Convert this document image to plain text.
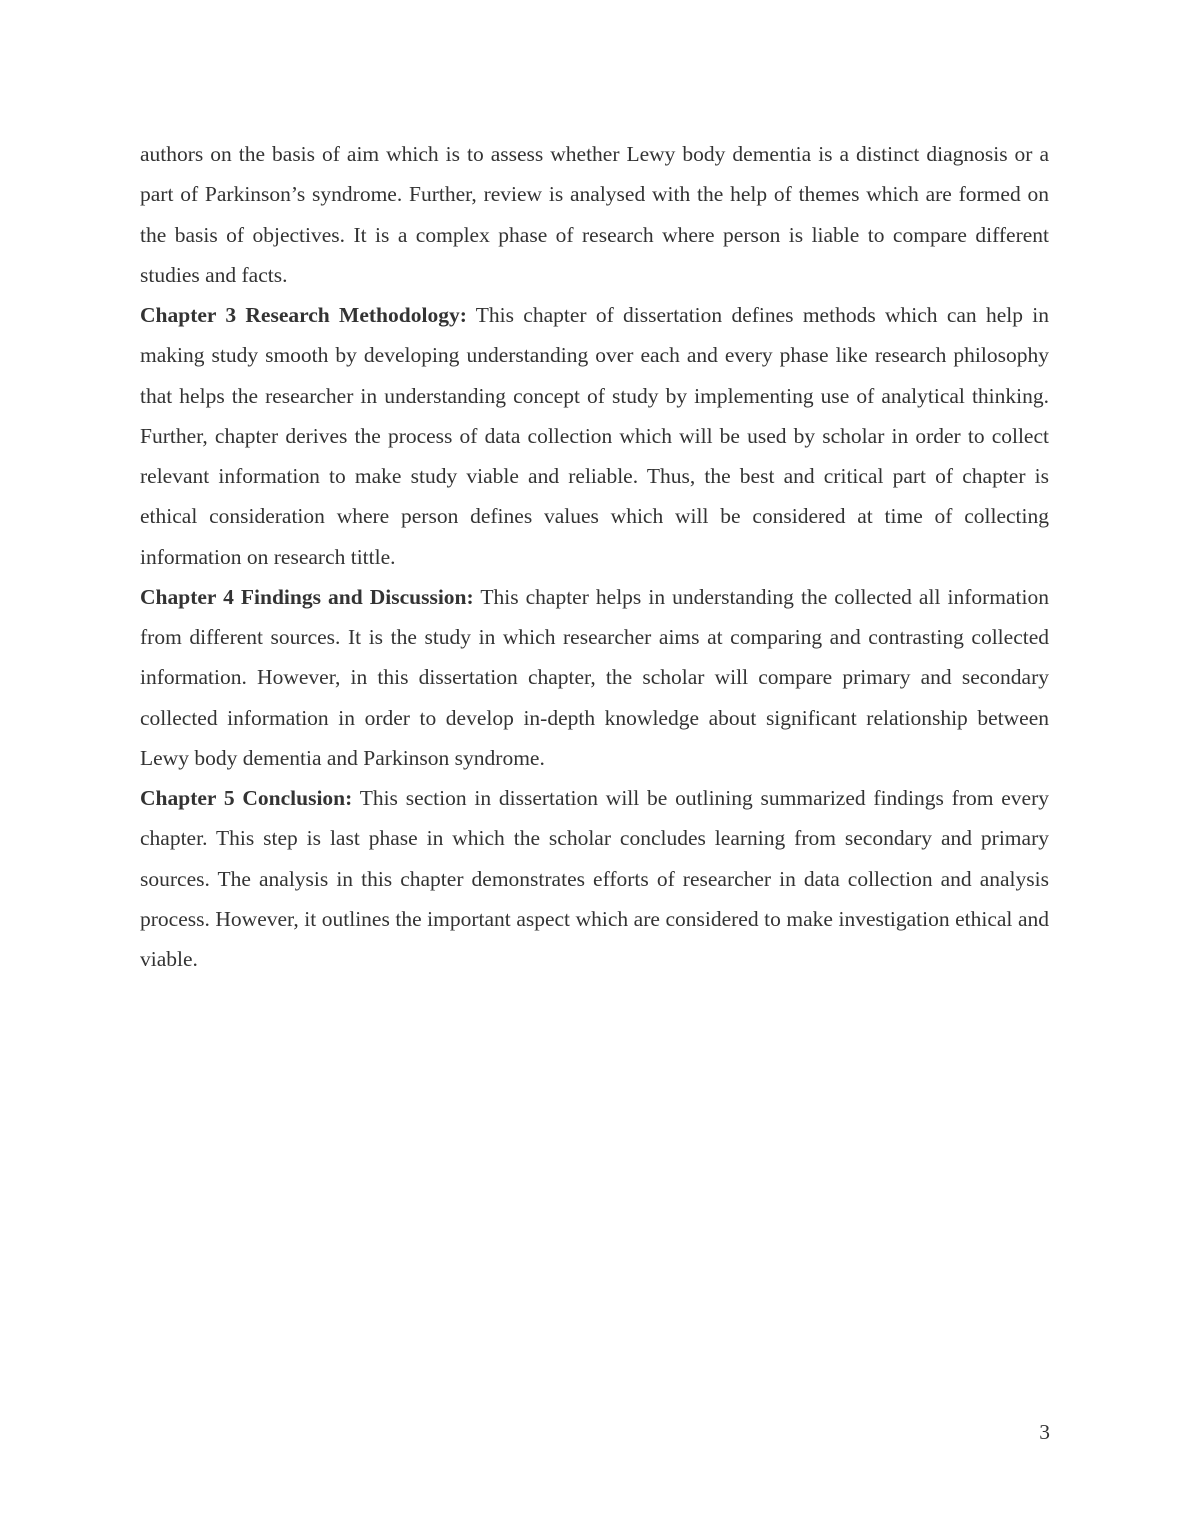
authors on the basis of aim which is to assess whether Lewy body dementia is a distinct diagnosis or a part of Parkinson’s syndrome. Further, review is analysed with the help of themes which are formed on the basis of objectives. It is a complex phase of research where person is liable to compare different studies and facts.

Chapter 3 Research Methodology: This chapter of dissertation defines methods which can help in making study smooth by developing understanding over each and every phase like research philosophy that helps the researcher in understanding concept of study by implementing use of analytical thinking. Further, chapter derives the process of data collection which will be used by scholar in order to collect relevant information to make study viable and reliable. Thus, the best and critical part of chapter is ethical consideration where person defines values which will be considered at time of collecting information on research tittle.

Chapter 4 Findings and Discussion: This chapter helps in understanding the collected all information from different sources. It is the study in which researcher aims at comparing and contrasting collected information. However, in this dissertation chapter, the scholar will compare primary and secondary collected information in order to develop in-depth knowledge about significant relationship between Lewy body dementia and Parkinson syndrome.

Chapter 5 Conclusion: This section in dissertation will be outlining summarized findings from every chapter. This step is last phase in which the scholar concludes learning from secondary and primary sources. The analysis in this chapter demonstrates efforts of researcher in data collection and analysis process. However, it outlines the important aspect which are considered to make investigation ethical and viable.

3
